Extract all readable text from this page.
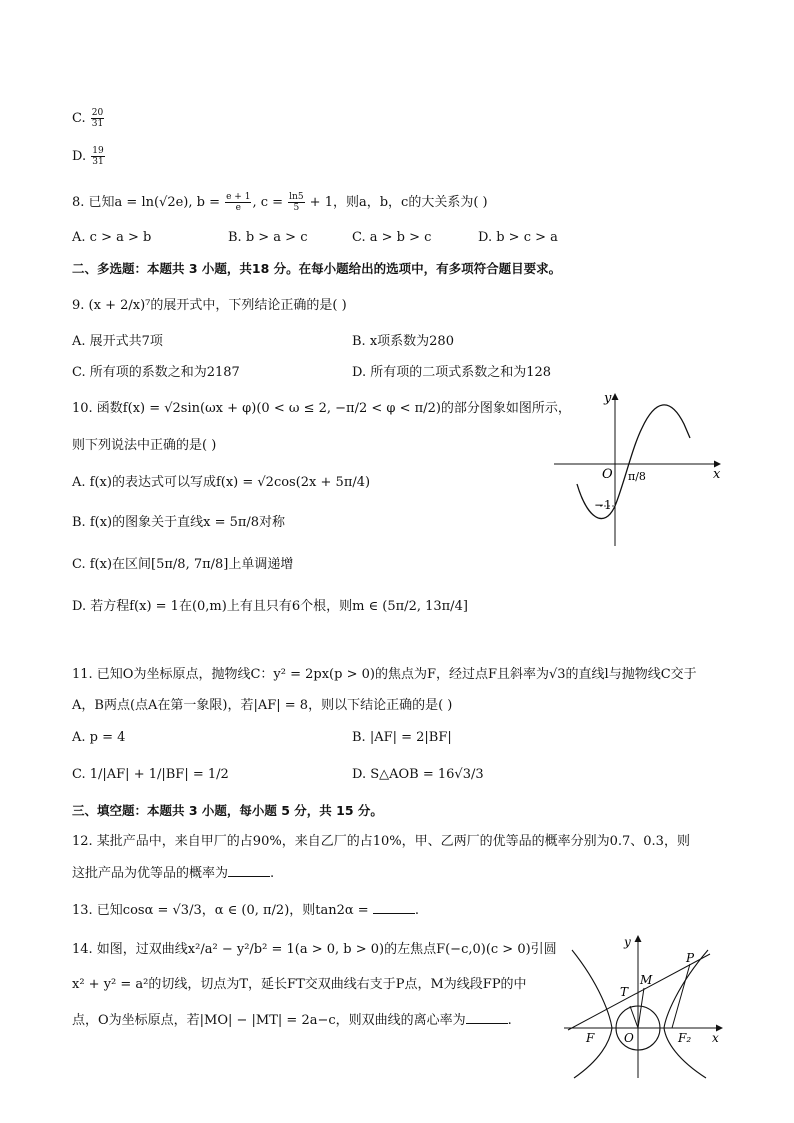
C. $\frac{20}{31}$
D. $\frac{19}{31}$
8. 已知a = ln(√2e), $b = \frac{e + 1}{e}$ , $c = \frac{\ln 5}{5} + 1$，则a，b，c的大关系为( )
A. c > a > b	B. b > a > c	C. a > b > c	D. b > c > a
二、多选题：本题共 3 小题，共18 分。在每小题给出的选项中，有多项符合题目要求。
9. (x + 2/x)⁷的展开式中，下列结论正确的是( )
A. 展开式共7项	B. x项系数为280
C. 所有项的系数之和为2187	D. 所有项的二项式系数之和为128
10. 函数f(x) = √2sin(ωx + φ)(0 < ω ≤ 2, −π/2 < φ < π/2)的部分图象如图所示，
则下列说法中正确的是( )
A. f(x)的表达式可以写成f(x) = √2cos(2x + 5π/4)
B. f(x)的图象关于直线x = 5π/8对称
C. f(x)在区间[5π/8, 7π/8]上单调递增
D. 若方程f(x) = 1在(0,m)上有且只有6个根，则m ∈ (5π/2, 13π/4]
y
x
O π/8
−1
11. 已知O为坐标原点，抛物线C：y² = 2px(p > 0)的焦点为F，经过点F且斜率为√3的直线l与抛物线C交于
A，B两点(点A在第一象限)，若|AF| = 8，则以下结论正确的是( )
A. p = 4	B. |AF| = 2|BF|
C. 1/|AF| + 1/|BF| = 1/2	D. S△AOB = 16√3/3
三、填空题：本题共 3 小题，每小题 5 分，共 15 分。
12. 某批产品中，来自甲厂的占90%，来自乙厂的占10%，甲、乙两厂的优等品的概率分别为0.7、0.3，则
这批产品为优等品的概率为	.
13. 已知cosα = √3/3，α ∈ (0, π/2)，则tan2α =	.
14. 如图，过双曲线x²/a² − y²/b² = 1(a > 0, b > 0)的左焦点F(−c,0)(c > 0)引圆
x² + y² = a²的切线，切点为T，延长FT交双曲线右支于P点，M为线段FP的中
点，O为坐标原点，若|MO| − |MT| = 2a−c，则双曲线的离心率为	.
y
x
P
M
T
F O	F₂
